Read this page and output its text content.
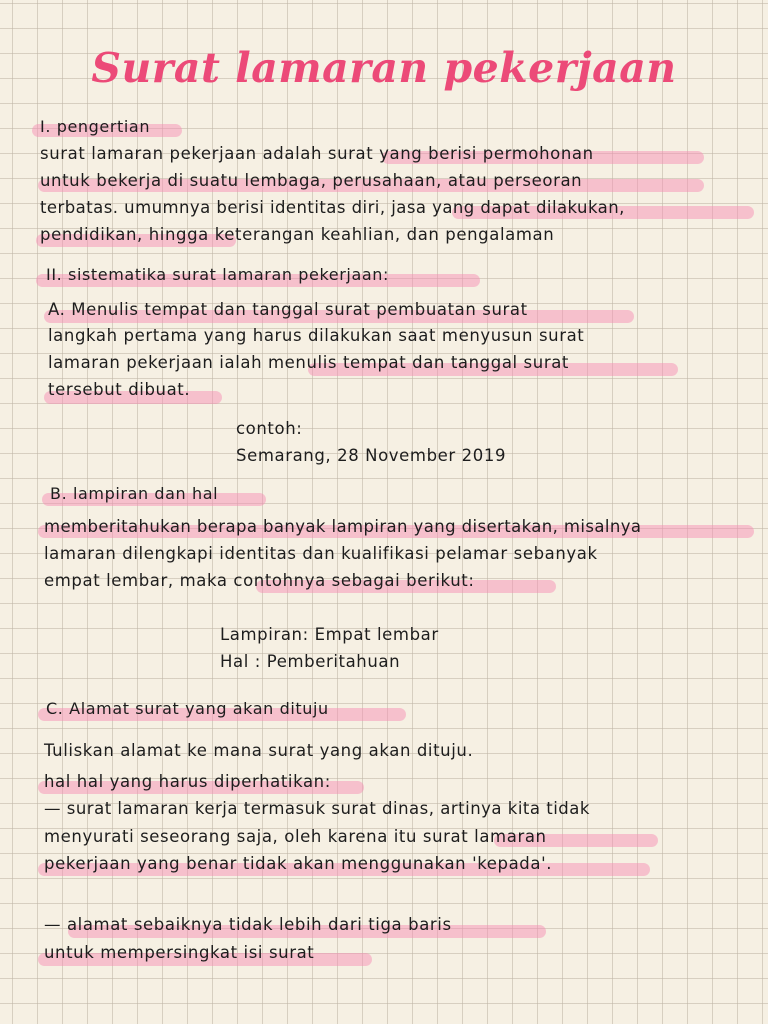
Surat lamaran pekerjaan
I. pengertian
surat lamaran pekerjaan adalah surat yang berisi permohonan
untuk bekerja di suatu lembaga, perusahaan, atau perseoran
terbatas. umumnya berisi identitas diri, jasa yang dapat dilakukan,
pendidikan, hingga keterangan keahlian, dan pengalaman
II. sistematika surat lamaran pekerjaan:
A. Menulis tempat dan tanggal surat pembuatan surat
langkah pertama yang harus dilakukan saat menyusun surat
lamaran pekerjaan ialah menulis tempat dan tanggal surat
tersebut dibuat.
contoh:
Semarang, 28 November 2019
B. lampiran dan hal
memberitahukan berapa banyak lampiran yang disertakan, misalnya
lamaran dilengkapi identitas dan kualifikasi pelamar sebanyak
empat lembar, maka contohnya sebagai berikut:
Lampiran: Empat lembar
Hal : Pemberitahuan
C. Alamat surat yang akan dituju
Tuliskan alamat ke mana surat yang akan dituju.
hal hal yang harus diperhatikan:
— surat lamaran kerja termasuk surat dinas, artinya kita tidak
menyurati seseorang saja, oleh karena itu surat lamaran
pekerjaan yang benar tidak akan menggunakan 'kepada'.
— alamat sebaiknya tidak lebih dari tiga baris
untuk mempersingkat isi surat
